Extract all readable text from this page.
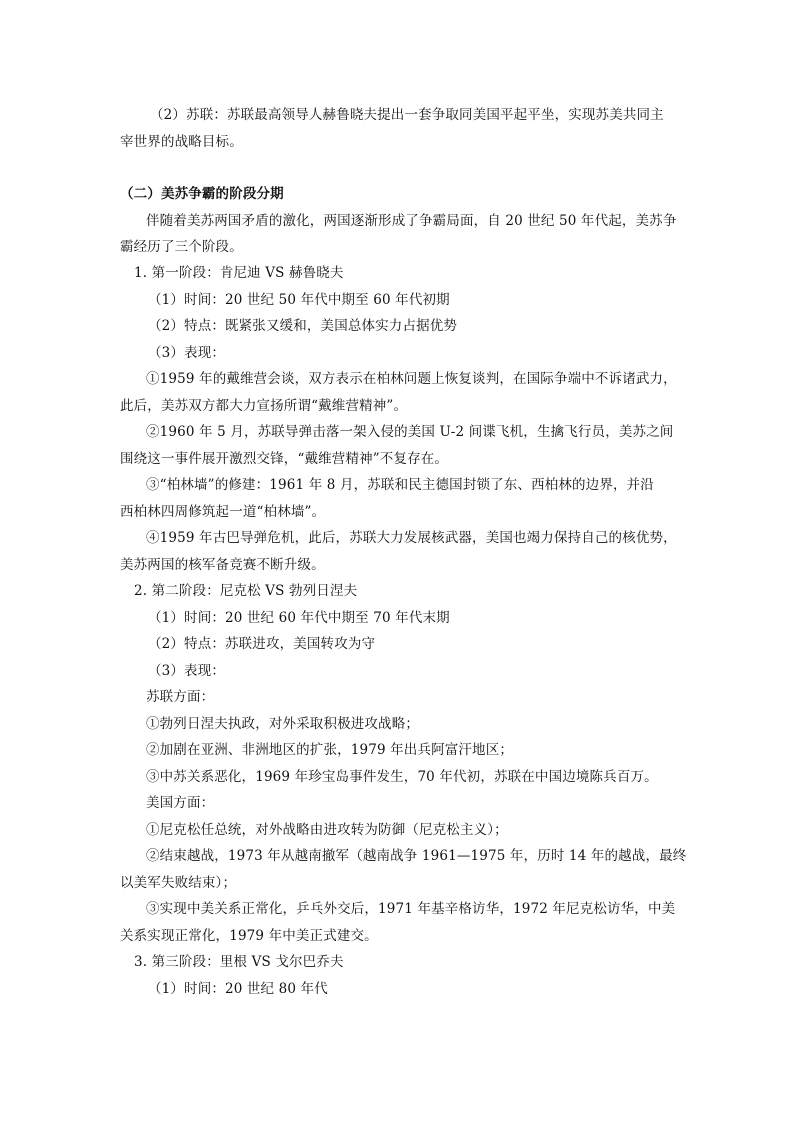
（2）苏联：苏联最高领导人赫鲁晓夫提出一套争取同美国平起平坐，实现苏美共同主
宰世界的战略目标。
（二）美苏争霸的阶段分期
伴随着美苏两国矛盾的激化，两国逐渐形成了争霸局面，自 20 世纪 50 年代起，美苏争
霸经历了三个阶段。
1. 第一阶段：肯尼迪 VS 赫鲁晓夫
（1）时间：20 世纪 50 年代中期至 60 年代初期
（2）特点：既紧张又缓和，美国总体实力占据优势
（3）表现：
①1959 年的戴维营会谈，双方表示在柏林问题上恢复谈判，在国际争端中不诉诸武力，
此后，美苏双方都大力宣扬所谓“戴维营精神”。
②1960 年 5 月，苏联导弹击落一架入侵的美国 U-2 间谍飞机，生擒飞行员，美苏之间
围绕这一事件展开激烈交锋，“戴维营精神”不复存在。
③“柏林墙”的修建：1961 年 8 月，苏联和民主德国封锁了东、西柏林的边界，并沿
西柏林四周修筑起一道“柏林墙”。
④1959 年古巴导弹危机，此后，苏联大力发展核武器，美国也竭力保持自己的核优势，
美苏两国的核军备竞赛不断升级。
2. 第二阶段：尼克松 VS 勃列日涅夫
（1）时间：20 世纪 60 年代中期至 70 年代末期
（2）特点：苏联进攻，美国转攻为守
（3）表现：
苏联方面：
①勃列日涅夫执政，对外采取积极进攻战略；
②加剧在亚洲、非洲地区的扩张，1979 年出兵阿富汗地区；
③中苏关系恶化，1969 年珍宝岛事件发生，70 年代初，苏联在中国边境陈兵百万。
美国方面：
①尼克松任总统，对外战略由进攻转为防御（尼克松主义）；
②结束越战，1973 年从越南撤军（越南战争 1961—1975 年，历时 14 年的越战，最终
以美军失败结束）；
③实现中美关系正常化，乒乓外交后，1971 年基辛格访华，1972 年尼克松访华，中美
关系实现正常化，1979 年中美正式建交。
3. 第三阶段：里根 VS 戈尔巴乔夫
（1）时间：20 世纪 80 年代
